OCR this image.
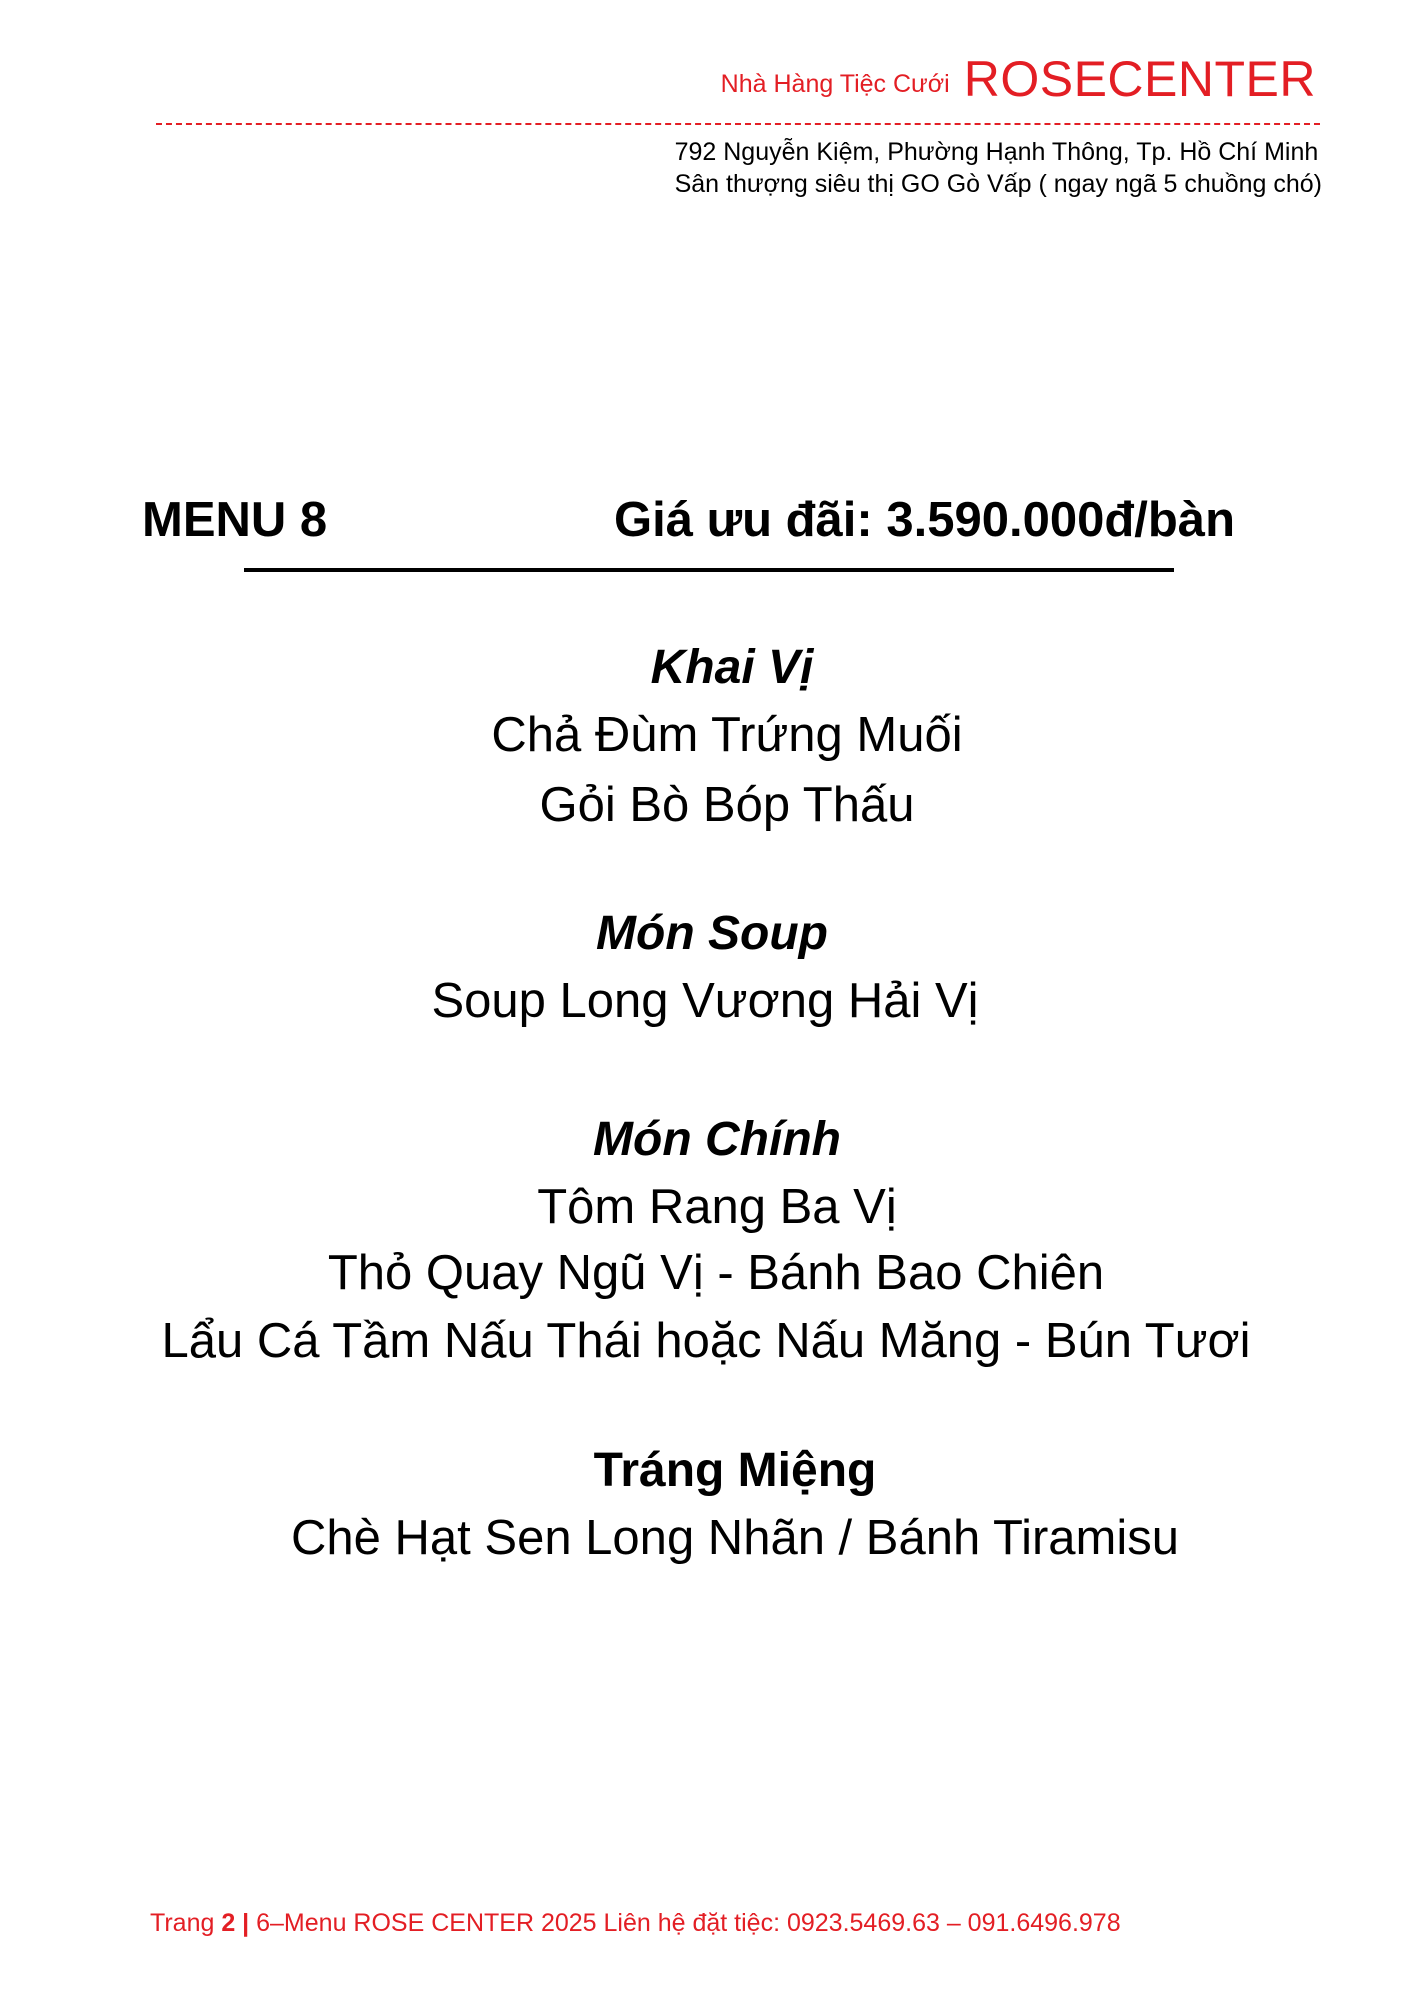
Nhà Hàng Tiệc Cưới ROSECENTER
792 Nguyễn Kiệm, Phường Hạnh Thông, Tp. Hồ Chí Minh
Sân thượng siêu thị GO Gò Vấp ( ngay ngã 5 chuồng chó)
MENU 8	Giá ưu đãi: 3.590.000đ/bàn
Khai Vị
Chả Đùm Trứng Muối
Gỏi Bò Bóp Thấu
Món Soup
Soup Long Vương Hải Vị
Món Chính
Tôm Rang Ba Vị
Thỏ Quay Ngũ Vị - Bánh Bao Chiên
Lẩu Cá Tầm Nấu Thái hoặc Nấu Măng - Bún Tươi
Tráng Miệng
Chè Hạt Sen Long Nhãn / Bánh Tiramisu
Trang 2 | 6–Menu ROSE CENTER 2025 Liên hệ đặt tiệc: 0923.5469.63 – 091.6496.978
